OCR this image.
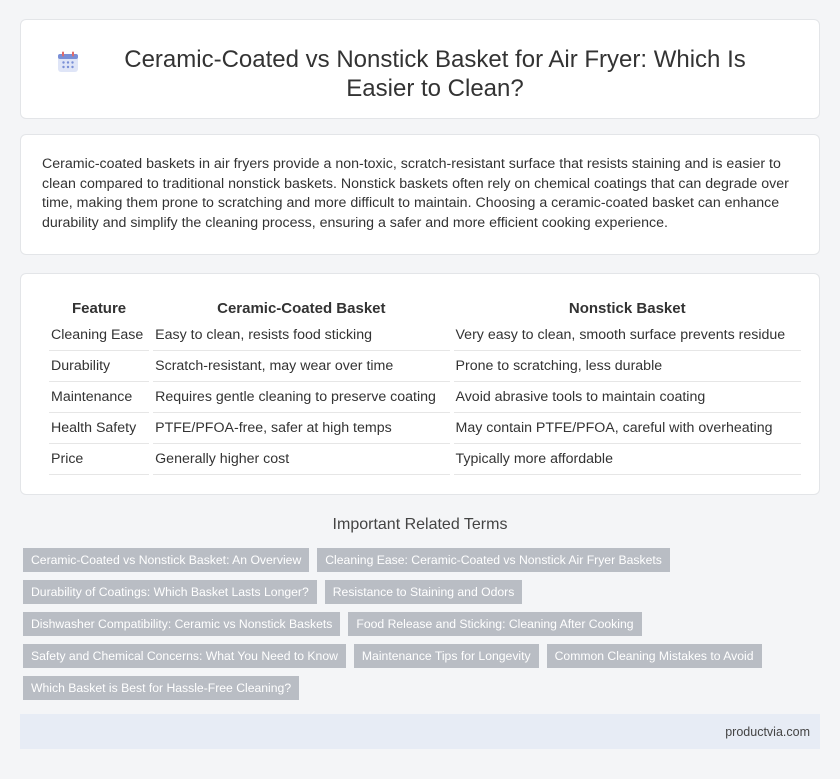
Ceramic-Coated vs Nonstick Basket for Air Fryer: Which Is Easier to Clean?

Ceramic-coated baskets in air fryers provide a non-toxic, scratch-resistant surface that resists staining and is easier to clean compared to traditional nonstick baskets. Nonstick baskets often rely on chemical coatings that can degrade over time, making them prone to scratching and more difficult to maintain. Choosing a ceramic-coated basket can enhance durability and simplify the cleaning process, ensuring a safer and more efficient cooking experience.

Feature	Ceramic-Coated Basket	Nonstick Basket
Cleaning Ease	Easy to clean, resists food sticking	Very easy to clean, smooth surface prevents residue
Durability	Scratch-resistant, may wear over time	Prone to scratching, less durable
Maintenance	Requires gentle cleaning to preserve coating	Avoid abrasive tools to maintain coating
Health Safety	PTFE/PFOA-free, safer at high temps	May contain PTFE/PFOA, careful with overheating
Price	Generally higher cost	Typically more affordable
Important Related Terms
Ceramic-Coated vs Nonstick Basket: An Overview	Cleaning Ease: Ceramic-Coated vs Nonstick Air Fryer Baskets
Durability of Coatings: Which Basket Lasts Longer?	Resistance to Staining and Odors
Dishwasher Compatibility: Ceramic vs Nonstick Baskets	Food Release and Sticking: Cleaning After Cooking
Safety and Chemical Concerns: What You Need to Know	Maintenance Tips for Longevity	Common Cleaning Mistakes to Avoid
Which Basket is Best for Hassle-Free Cleaning?
productvia.com
